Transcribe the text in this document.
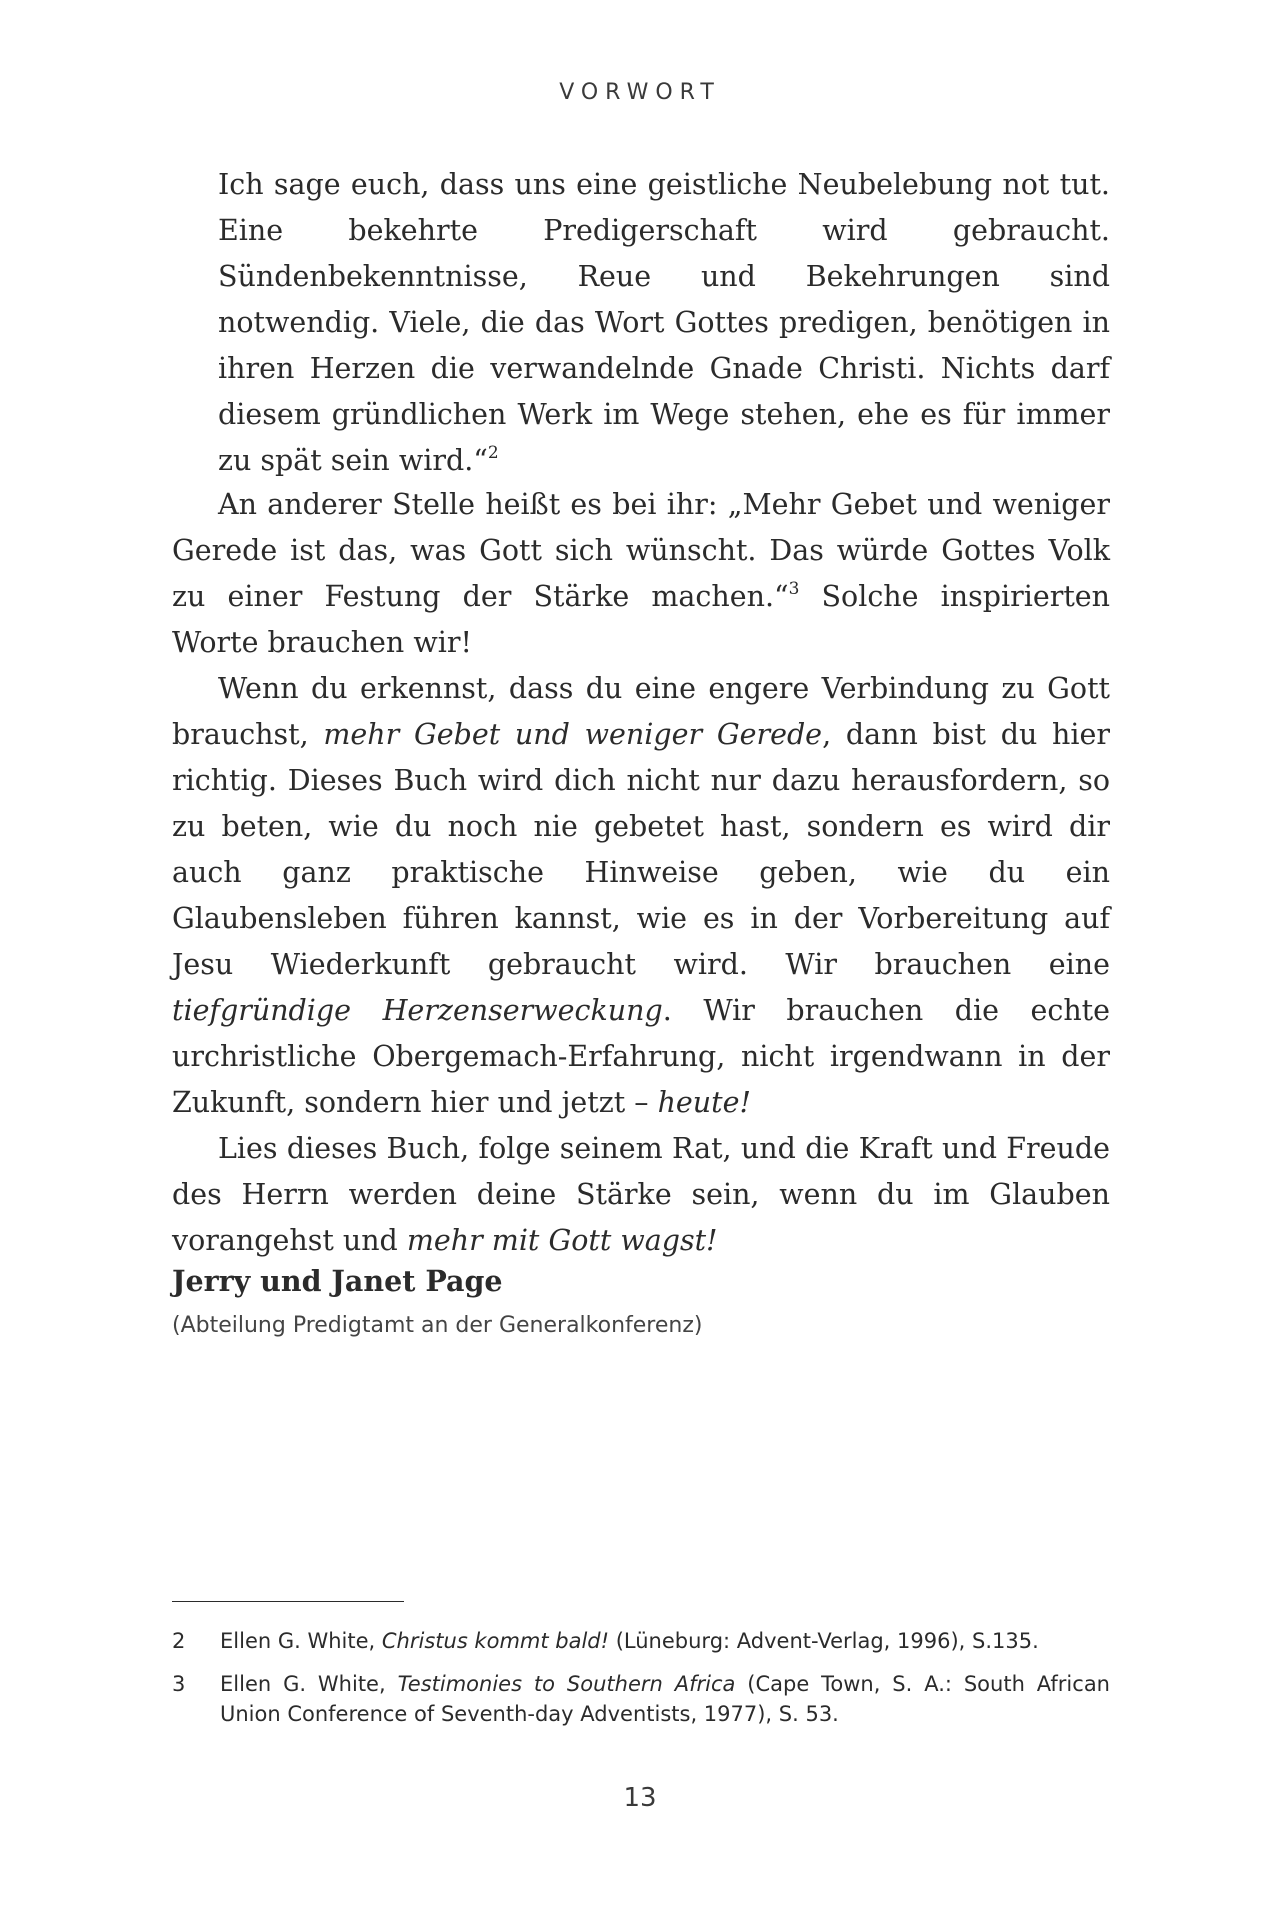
VORWORT

Ich sage euch, dass uns eine geistliche Neubelebung not tut. Eine bekehrte Predigerschaft wird gebraucht. Sündenbekenntnisse, Reue und Bekehrungen sind notwendig. Viele, die das Wort Gottes predigen, benötigen in ihren Herzen die verwandelnde Gnade Christi. Nichts darf diesem gründlichen Werk im Wege stehen, ehe es für immer zu spät sein wird.“$^2$

An anderer Stelle heißt es bei ihr: „Mehr Gebet und weniger Gerede ist das, was Gott sich wünscht. Das würde Gottes Volk zu einer Festung der Stärke machen.“$^3$ Solche inspirierten Worte brauchen wir!

Wenn du erkennst, dass du eine engere Verbindung zu Gott brauchst, mehr Gebet und weniger Gerede, dann bist du hier richtig. Dieses Buch wird dich nicht nur dazu herausfordern, so zu beten, wie du noch nie gebetet hast, sondern es wird dir auch ganz praktische Hinweise geben, wie du ein Glaubensleben führen kannst, wie es in der Vorbereitung auf Jesu Wiederkunft gebraucht wird. Wir brauchen eine tiefgründige Herzenserweckung. Wir brauchen die echte urchristliche Obergemach-Erfahrung, nicht irgendwann in der Zukunft, sondern hier und jetzt – heute!

Lies dieses Buch, folge seinem Rat, und die Kraft und Freude des Herrn werden deine Stärke sein, wenn du im Glauben vorangehst und mehr mit Gott wagst!

Jerry und Janet Page
(Abteilung Predigtamt an der Generalkonferenz)
2	Ellen G. White, Christus kommt bald! (Lüneburg: Advent-Verlag, 1996), S.135.
3	Ellen G. White, Testimonies to Southern Africa (Cape Town, S. A.: South African Union Conference of Seventh-day Adventists, 1977), S. 53.
13
